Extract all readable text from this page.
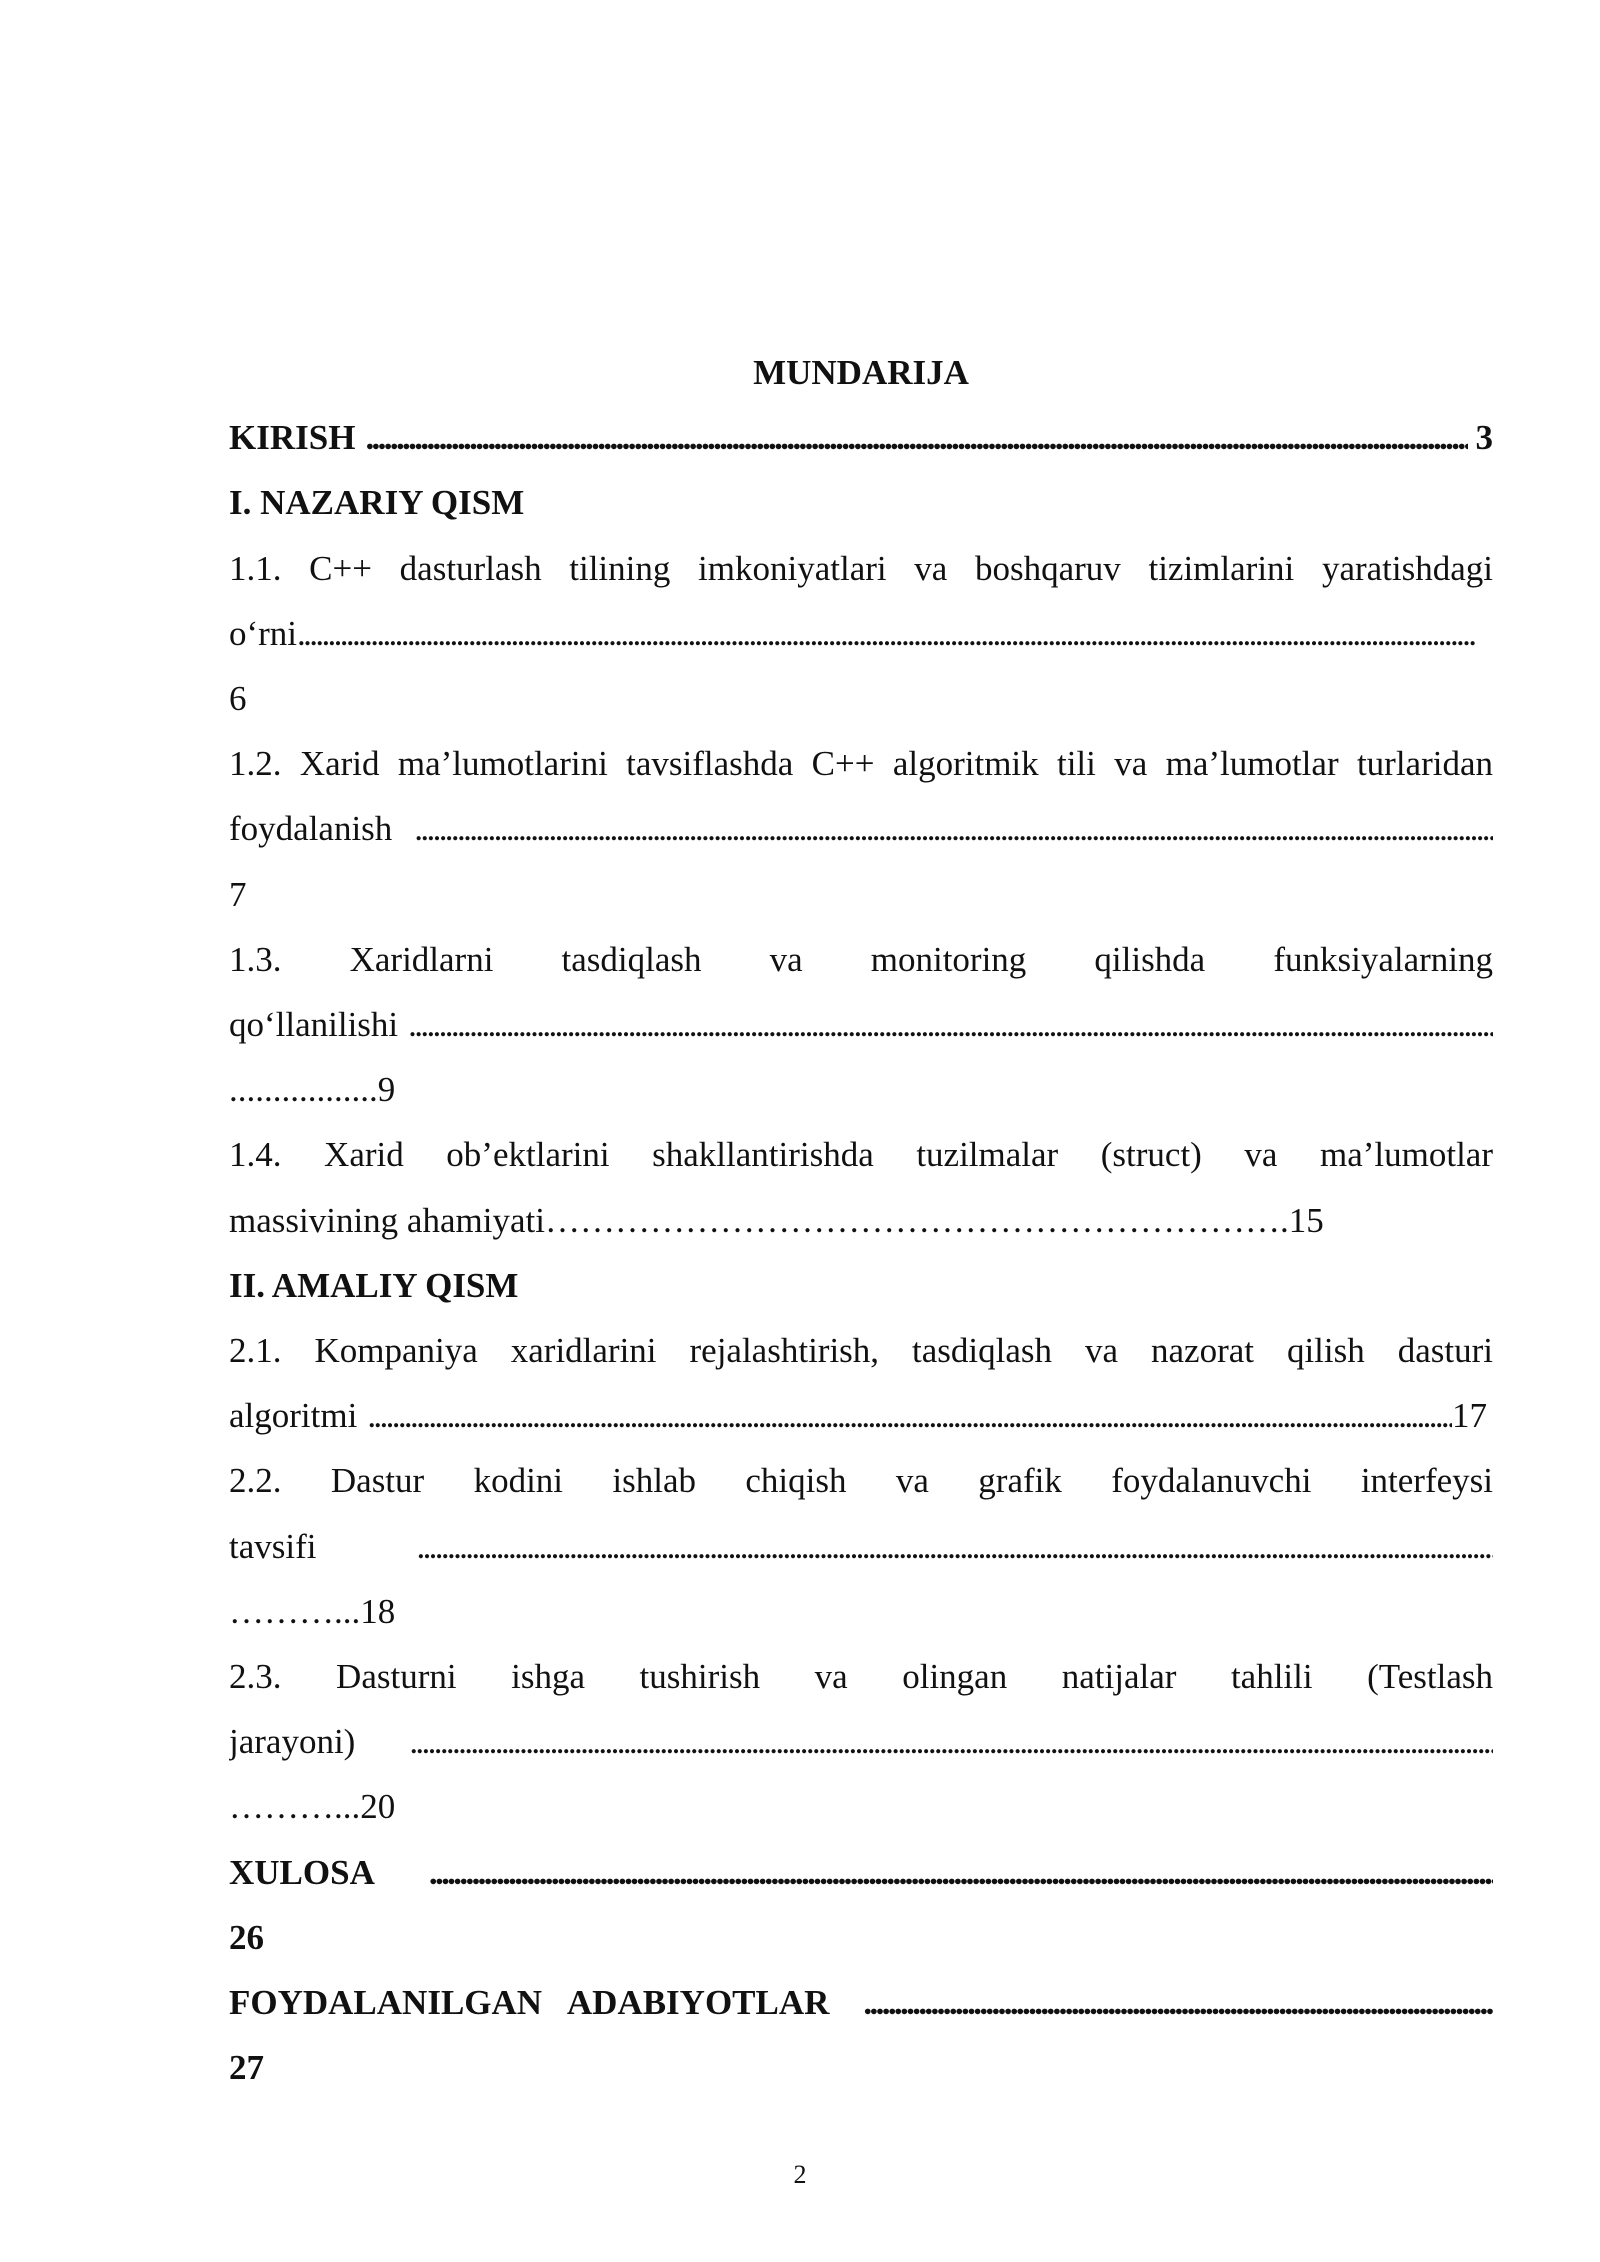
MUNDARIJA
KIRISH . . .	3
I. NAZARIY QISM
1.1. C++ dasturlash tilining imkoniyatlari va boshqaruv tizimlarini yaratishdagi
o‘rni
. . .
6
1.2. Xarid ma’lumotlarini tavsiflashda C++ algoritmik tili va ma’lumotlar turlaridan
foydalanish
. . .
7
1.3. Xaridlarni tasdiqlash va monitoring qilishda funksiyalarning
qo‘llanilishi
. . .
.................9
1.4. Xarid ob’ektlarini shakllantirishda tuzilmalar (struct) va ma’lumotlar
massivining ahamiyati……………………………………………………….15
II. AMALIY QISM
2.1. Kompaniya xaridlarini rejalashtirish, tasdiqlash va nazorat qilish dasturi
algoritmi . . .	17
2.2. Dastur kodini ishlab chiqish va grafik foydalanuvchi interfeysi
tavsifi
. . .
………...18
2.3. Dasturni ishga tushirish va olingan natijalar tahlili (Testlash
jarayoni)
. . .
………...20
XULOSA
. . .
26
FOYDALANILGAN ADABIYOTLAR
. . .
27
2
